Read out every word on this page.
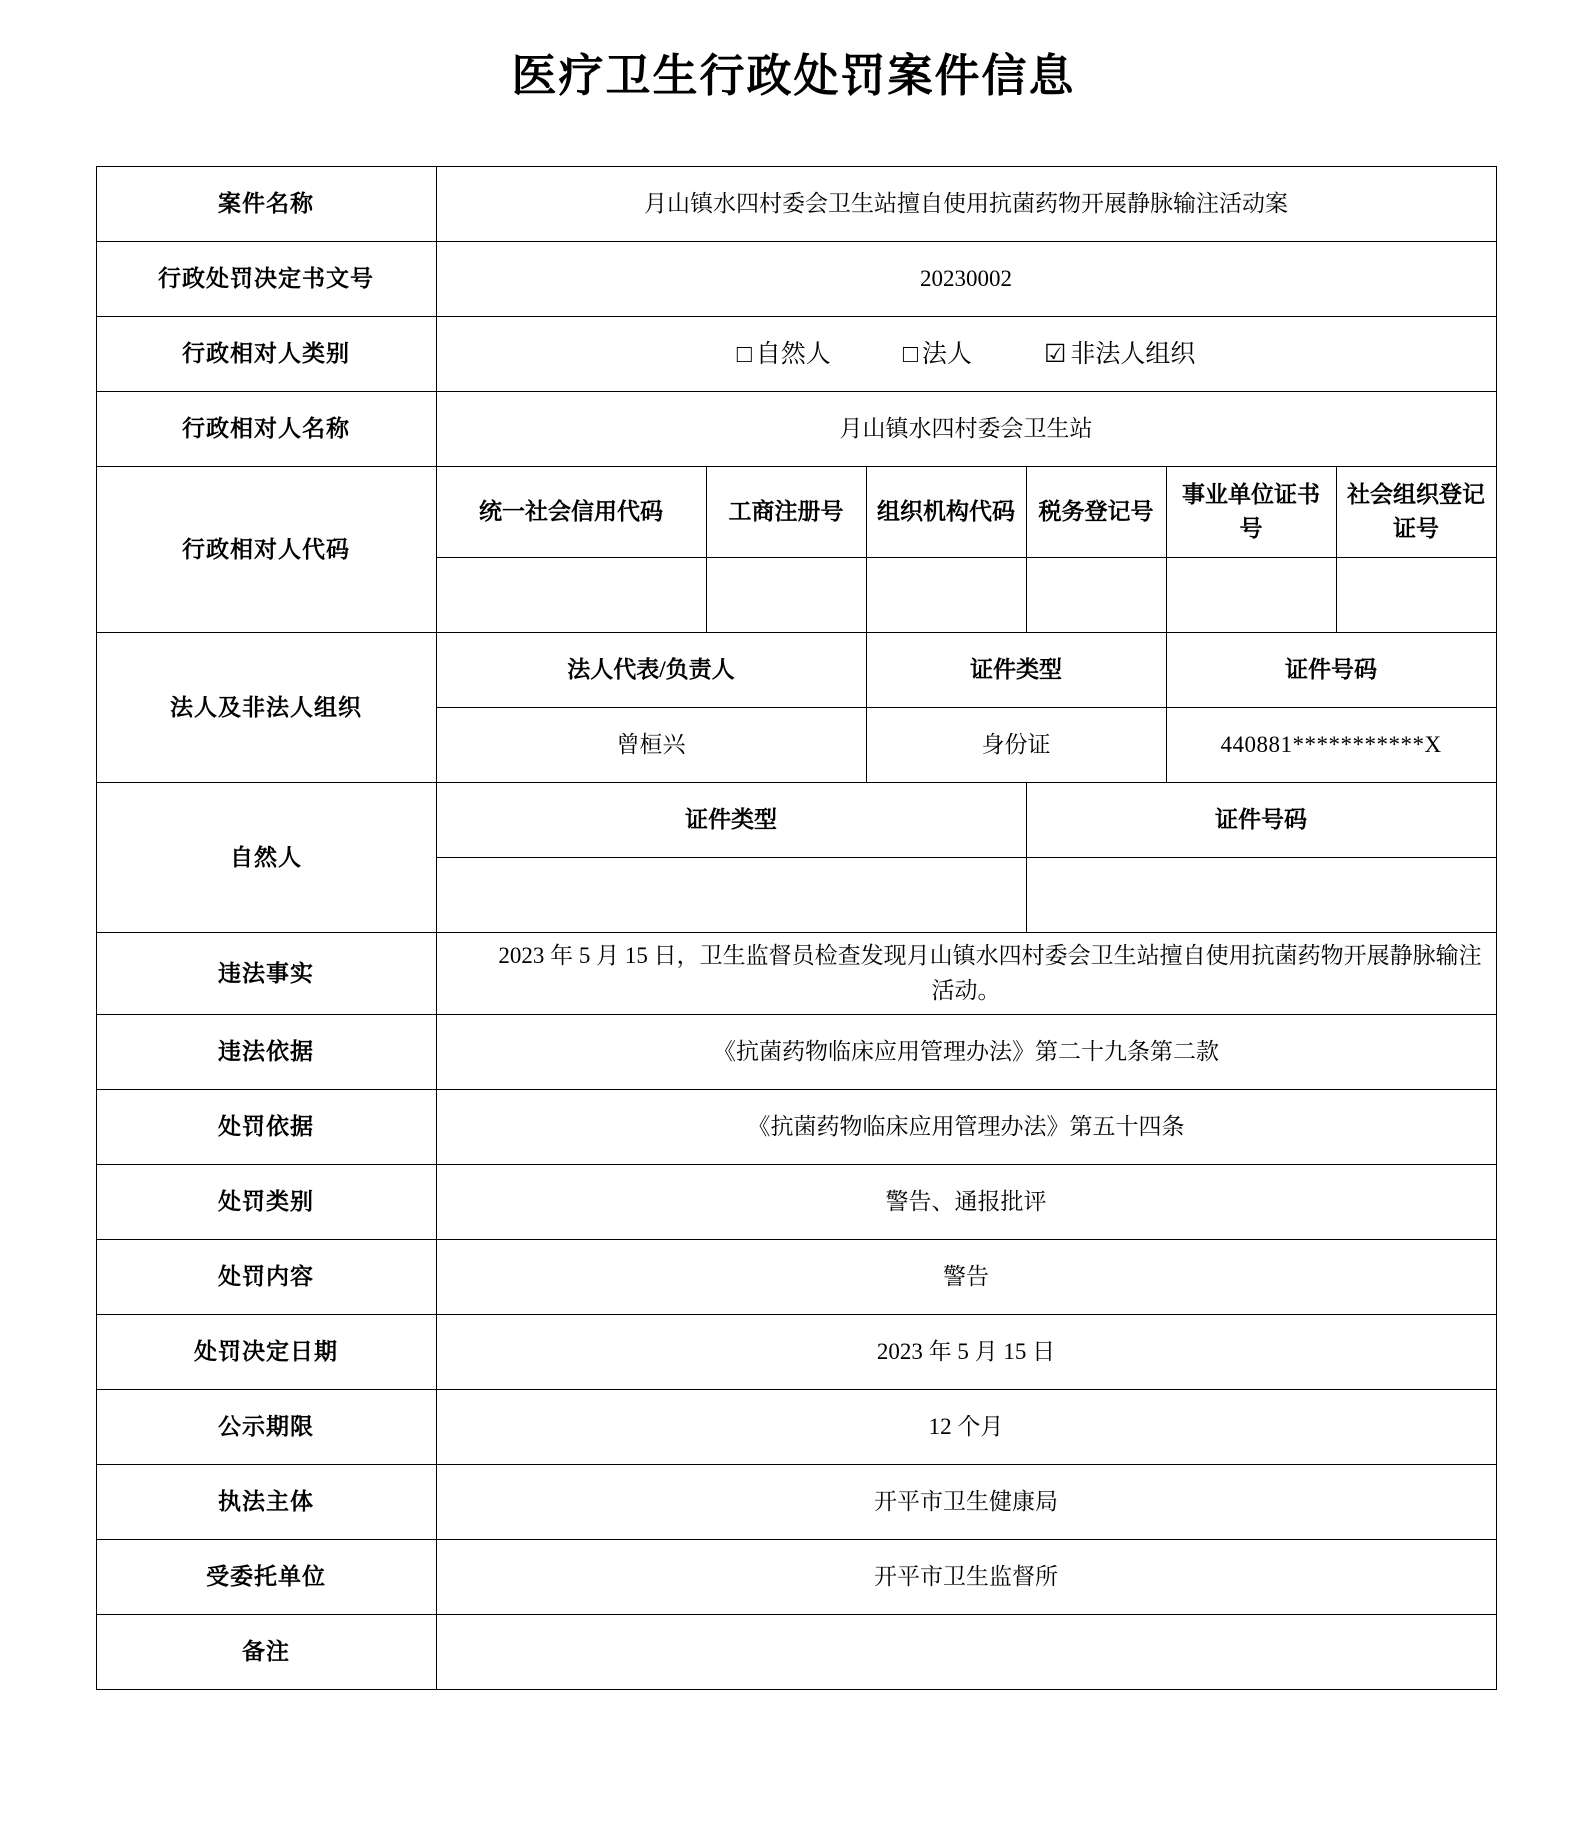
医疗卫生行政处罚案件信息
案件名称	月山镇水四村委会卫生站擅自使用抗菌药物开展静脉输注活动案					
行政处罚决定书文号	20230002					
行政相对人类别	□ 自然人	□ 法人	☑ 非法人组织

行政相对人名称	月山镇水四村委会卫生站					
行政相对人代码	统一社会信用代码	工商注册号	组织机构代码	税务登记号	事业单位证书号	社会组织登记证号

法人及非法人组织	法人代表/负责人		证件类型		证件号码	
	曾桓兴		身份证		440881***********X	
自然人	证件类型			证件号码		

违法事实	2023 年 5 月 15 日，卫生监督员检查发现月山镇水四村委会卫生站擅自使用抗菌药物开展静脉输注活动。					
违法依据	《抗菌药物临床应用管理办法》第二十九条第二款					
处罚依据	《抗菌药物临床应用管理办法》第五十四条					
处罚类别	警告、通报批评					
处罚内容	警告					
处罚决定日期	2023 年 5 月 15 日					
公示期限	12 个月					
执法主体	开平市卫生健康局					
受委托单位	开平市卫生监督所					
备注						
